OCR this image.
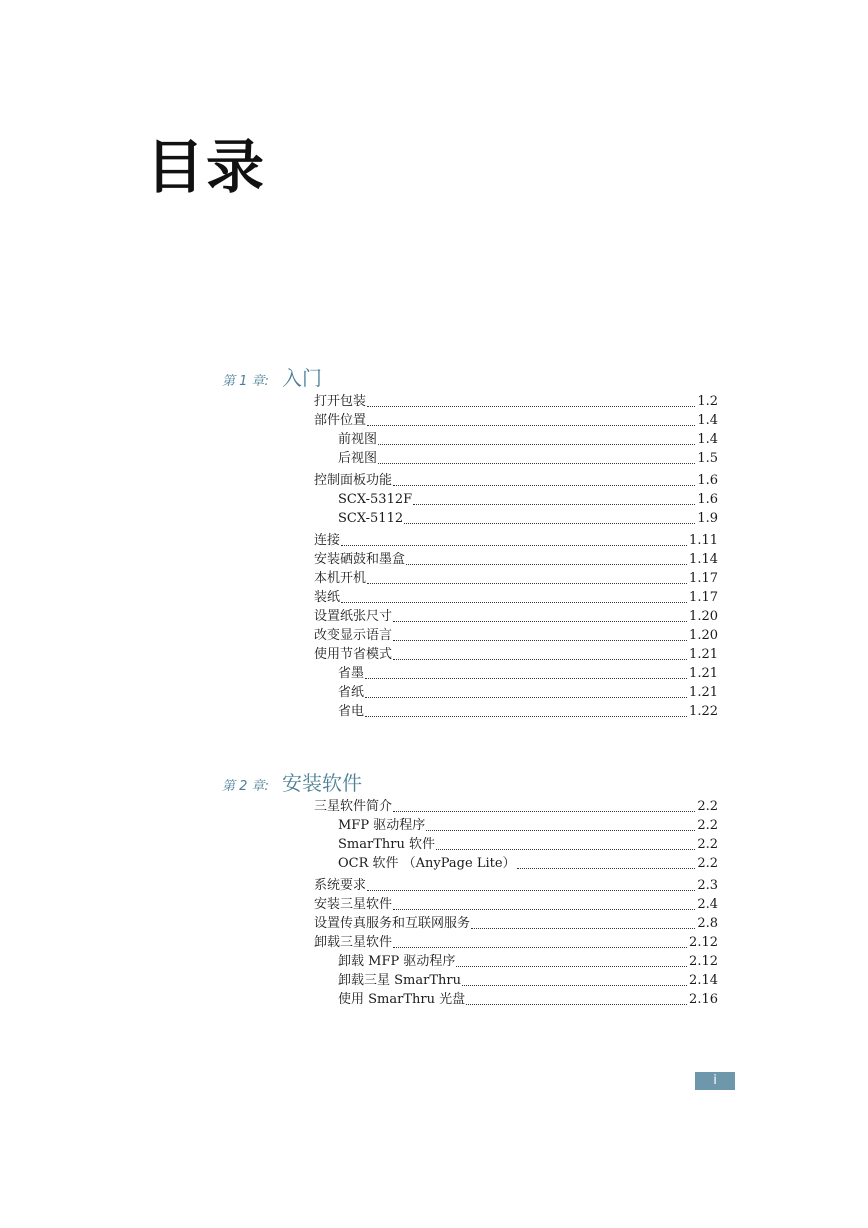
目录
第 1 章: 入门
打开包装	1.2
部件位置	1.4
前视图	1.4
后视图	1.5
控制面板功能	1.6
SCX-5312F	1.6
SCX-5112	1.9
连接	1.11
安装硒鼓和墨盒	1.14
本机开机	1.17
装纸	1.17
设置纸张尺寸	1.20
改变显示语言	1.20
使用节省模式	1.21
省墨	1.21
省纸	1.21
省电	1.22
第 2 章: 安装软件
三星软件简介	2.2
MFP 驱动程序	2.2
SmarThru 软件	2.2
OCR 软件 （AnyPage Lite）	2.2
系统要求	2.3
安装三星软件	2.4
设置传真服务和互联网服务	2.8
卸载三星软件	2.12
卸载 MFP 驱动程序	2.12
卸载三星 SmarThru	2.14
使用 SmarThru 光盘	2.16
i
